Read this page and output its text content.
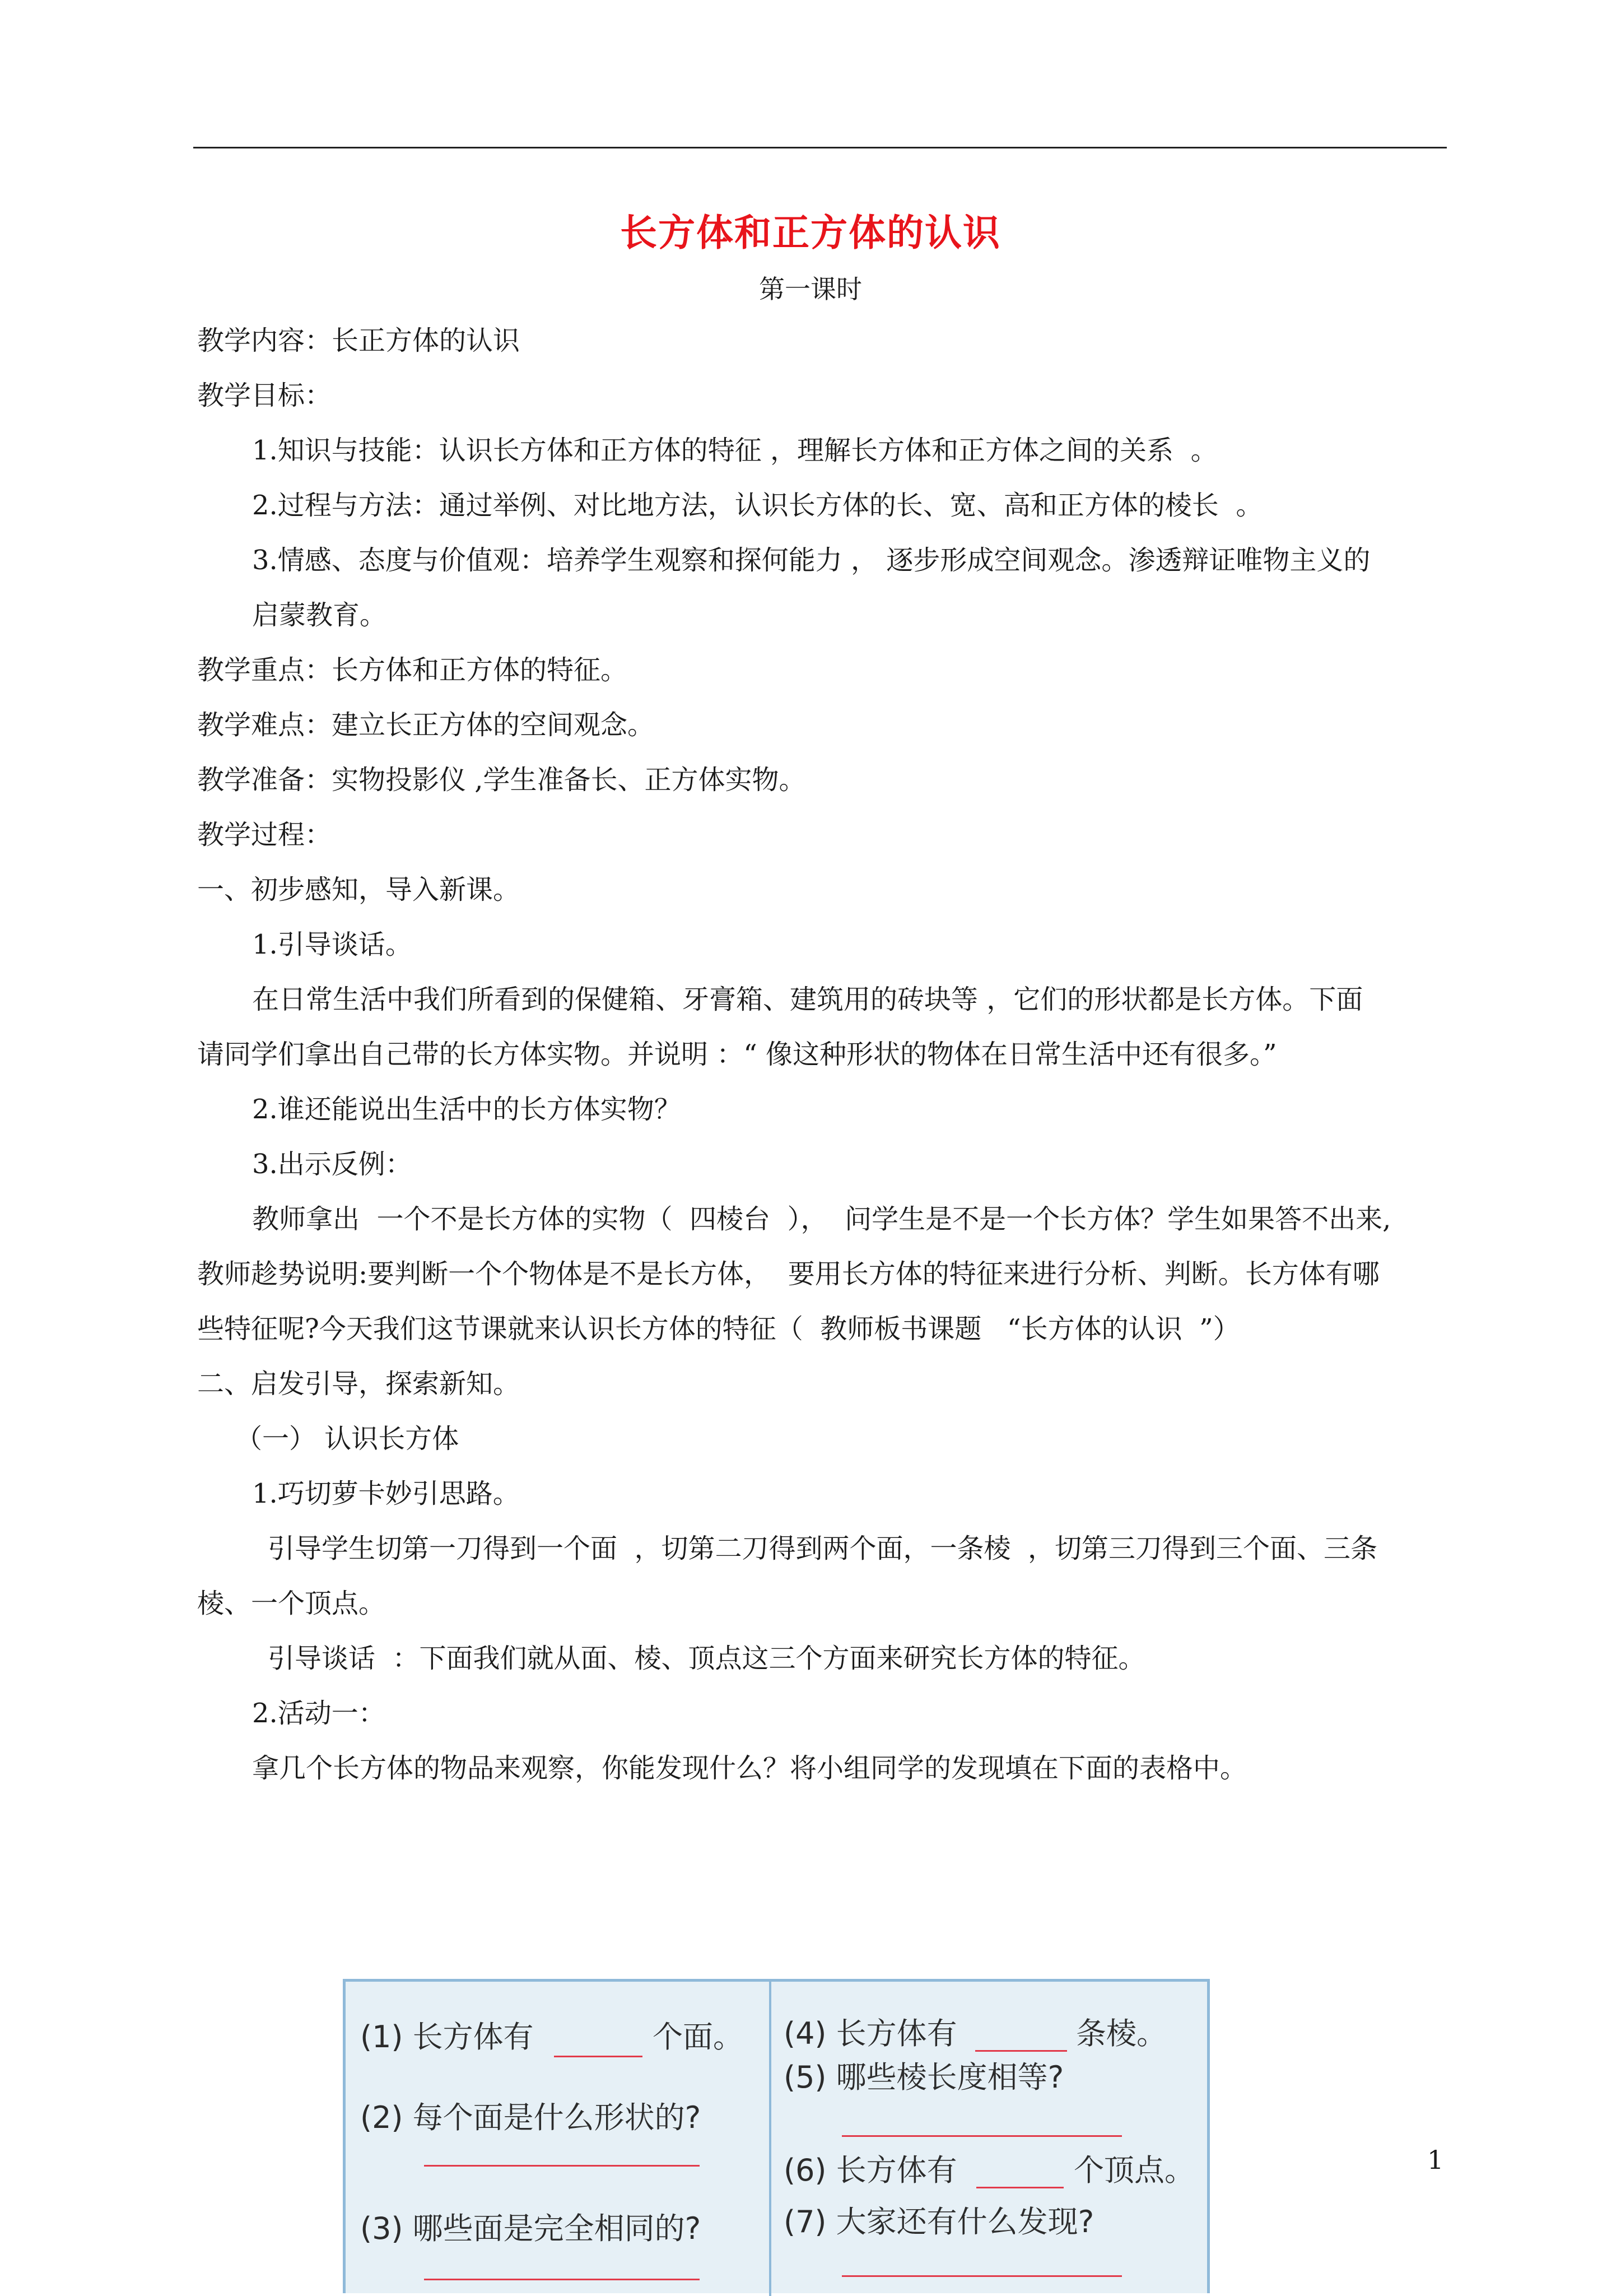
长方体和正方体的认识
第一课时
教学内容：长正方体的认识
教学目标：
1.知识与技能：认识长方体和正方体的特征 ，理解长方体和正方体之间的关系  。
2.过程与方法：通过举例、对比地方法，认识长方体的长、宽、高和正方体的棱长  。
3.情感、态度与价值观：培养学生观察和探何能力 ， 逐步形成空间观念。渗透辩证唯物主义的
启蒙教育。
教学重点：长方体和正方体的特征。
教学难点：建立长正方体的空间观念。
教学准备：实物投影仪 ,学生准备长、正方体实物。
教学过程：
一、初步感知，导入新课。
1.引导谈话。
在日常生活中我们所看到的保健箱、牙膏箱、建筑用的砖块等 ，它们的形状都是长方体。下面
请同学们拿出自己带的长方体实物。并说明 ：“ 像这种形状的物体在日常生活中还有很多。”
2.谁还能说出生活中的长方体实物？
3.出示反例：
教师拿出  一个不是长方体的实物（  四棱台  ），  问学生是不是一个长方体？学生如果答不出来,
教师趁势说明:要判断一个个物体是不是长方体，  要用长方体的特征来进行分析、判断。长方体有哪
些特征呢?今天我们这节课就来认识长方体的特征（  教师板书课题   “长方体的认识  ”）
二、启发引导，探索新知。
（一） 认识长方体
1.巧切萝卡妙引思路。
引导学生切第一刀得到一个面  ，切第二刀得到两个面，一条棱  ，切第三刀得到三个面、三条
棱、一个顶点。
引导谈话  ：下面我们就从面、棱、顶点这三个方面来研究长方体的特征。
2.活动一：
拿几个长方体的物品来观察，你能发现什么？将小组同学的发现填在下面的表格中。
(1) 长方体有	个面。
(2) 每个面是什么形状的?
(3) 哪些面是完全相同的?
(4) 长方体有	条棱。
(5) 哪些棱长度相等?
(6) 长方体有	个顶点。
(7) 大家还有什么发现?
1
